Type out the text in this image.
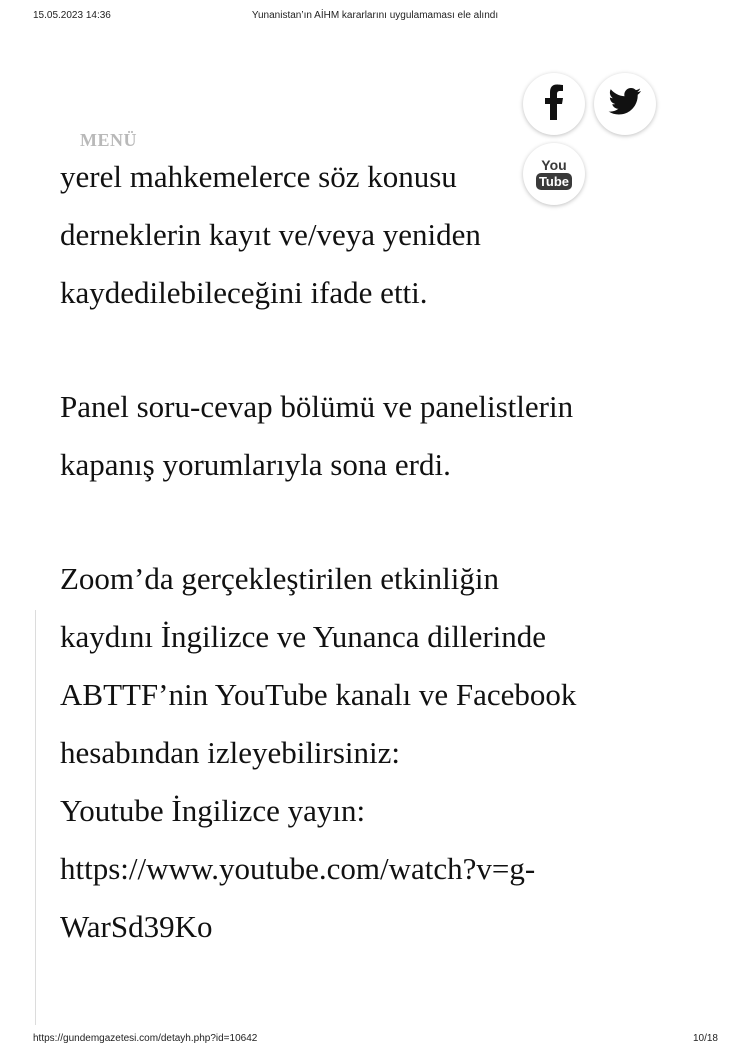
15.05.2023 14:36	Yunanistan’ın AİHM kararlarını uygulamaması ele alındı

yerel mahkemelerce söz konusu

derneklerin kayıt ve/veya yeniden

kaydedilebileceğini ifade etti.

Panel soru-cevap bölümü ve panelistlerin

kapanış yorumlarıyla sona erdi.

Zoom’da gerçekleştirilen etkinliğin

kaydını İngilizce ve Yunanca dillerinde

ABTTF’nin YouTube kanalı ve Facebook

hesabından izleyebilirsiniz:

Youtube İngilizce yayın:

https://www.youtube.com/watch?v=g-

WarSd39Ko

MENÜ
You
Tube
https://gundemgazetesi.com/detayh.php?id=10642	10/18
